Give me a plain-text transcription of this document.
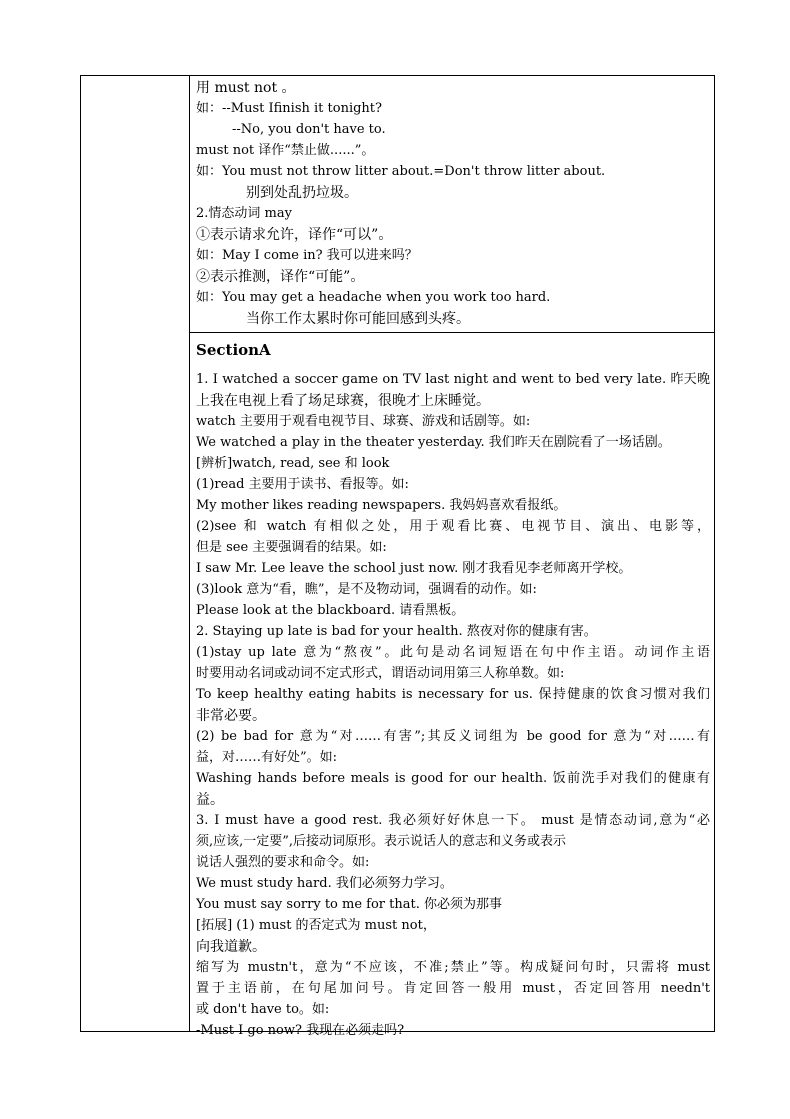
用 must not 。
如：--Must Ifinish it tonight?
--No, you don't have to.
must not 译作“禁止做......”。
如：You must not throw litter about.=Don't throw litter about.
别到处乱扔垃圾。
2.情态动词 may
①表示请求允许，译作“可以”。
如：May I come in? 我可以进来吗？
②表示推测，译作“可能”。
如：You may get a headache when you work too hard.
当你工作太累时你可能回感到头疼。
SectionA
1. I watched a soccer game on TV last night and went to bed very late. 昨天晚
上我在电视上看了场足球赛，很晚才上床睡觉。
watch 主要用于观看电视节目、球赛、游戏和话剧等。如:
We watched a play in the theater yesterday. 我们昨天在剧院看了一场话剧。
[辨析]watch, read, see 和 look
(1)read 主要用于读书、看报等。如:
My mother likes reading newspapers. 我妈妈喜欢看报纸。
(2)see 和 watch 有相似之处，用于观看比赛、电视节目、演出、电影等，
但是 see 主要强调看的结果。如:
I saw Mr. Lee leave the school just now. 刚才我看见李老师离开学校。
(3)look 意为“看，瞧”，是不及物动词，强调看的动作。如:
Please look at the blackboard. 请看黑板。
2. Staying up late is bad for your health. 熬夜对你的健康有害。
(1)stay up late 意为“熬夜”。此句是动名词短语在句中作主语。动词作主语
时要用动名词或动词不定式形式，谓语动词用第三人称单数。如:
To keep healthy eating habits is necessary for us. 保持健康的饮食习惯对我们
非常必要。
(2) be bad for 意为“对……有害”;其反义词组为 be good for 意为“对……有
益，对……有好处”。如:
Washing hands before meals is good for our health. 饭前洗手对我们的健康有
益。
3. I must have a good rest. 我必须好好休息一下。 must 是情态动词,意为“必
须,应该,一定要”,后接动词原形。表示说话人的意志和义务或表示
说话人强烈的要求和命令。如:
We must study hard. 我们必须努力学习。
You must say sorry to me for that. 你必须为那事
[拓展] (1) must 的否定式为 must not，
向我道歉。
缩写为 mustn't，意为“不应该，不准;禁止”等。构成疑问句时，只需将 must
置于主语前，在句尾加问号。肯定回答一般用 must，否定回答用 needn't
或 don't have to。如:
-Must I go now? 我现在必须走吗?
